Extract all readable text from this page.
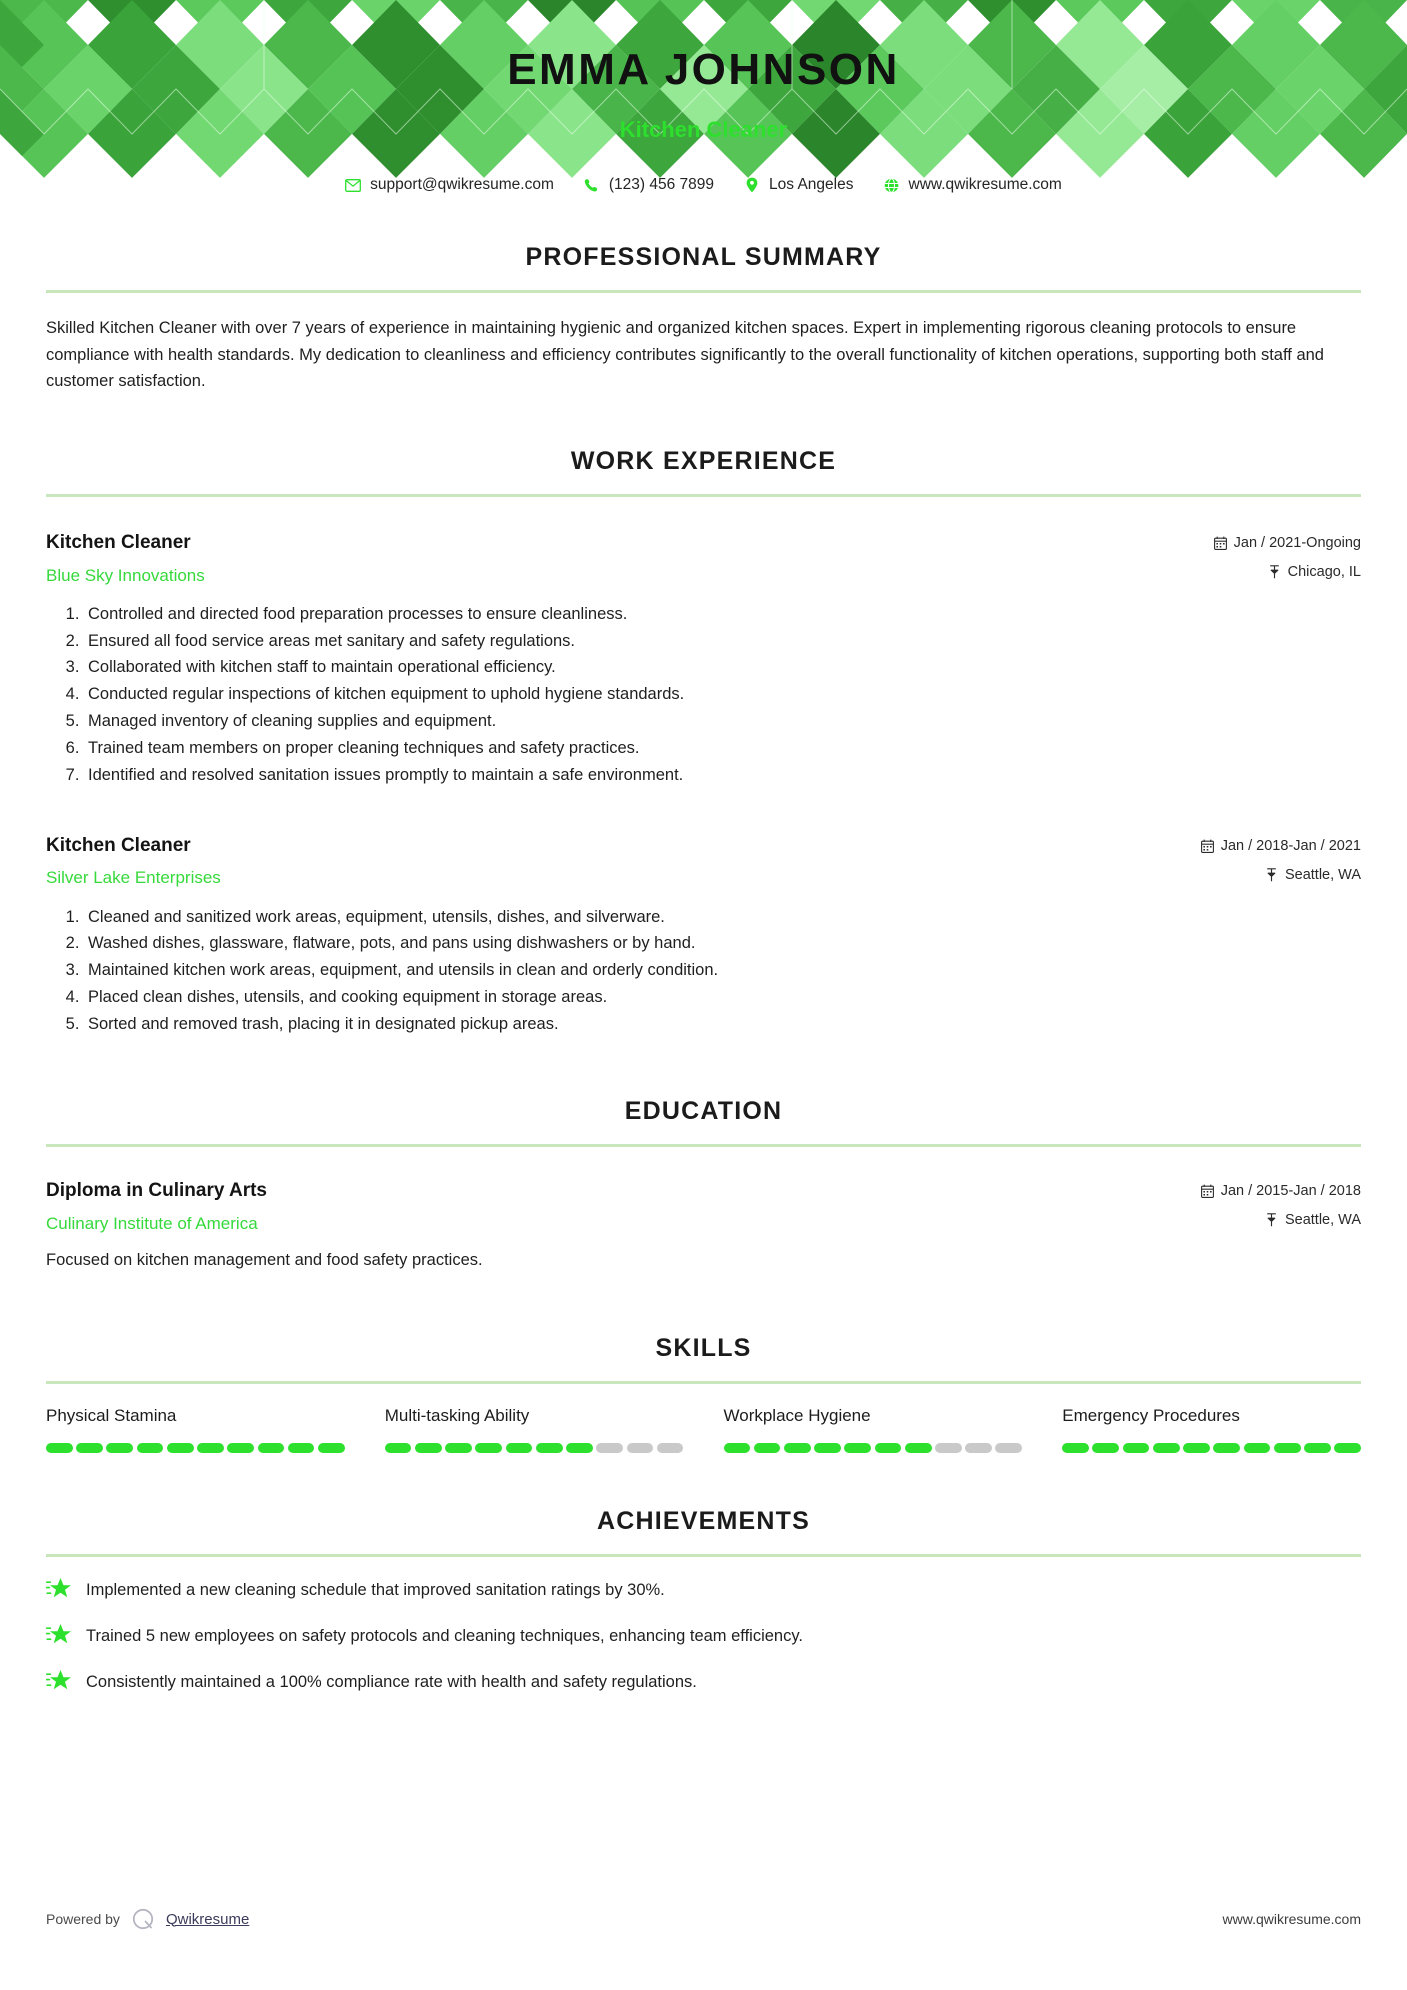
EMMA JOHNSON
Kitchen Cleaner
support@qwikresume.com	(123) 456 7899	Los Angeles	www.qwikresume.com
PROFESSIONAL SUMMARY
Skilled Kitchen Cleaner with over 7 years of experience in maintaining hygienic and organized kitchen spaces. Expert in implementing rigorous cleaning protocols to ensure compliance with health standards. My dedication to cleanliness and efficiency contributes significantly to the overall functionality of kitchen operations, supporting both staff and customer satisfaction.
WORK EXPERIENCE
Kitchen Cleaner
Blue Sky Innovations
Jan / 2021-Ongoing
Chicago, IL
1. Controlled and directed food preparation processes to ensure cleanliness.
2. Ensured all food service areas met sanitary and safety regulations.
3. Collaborated with kitchen staff to maintain operational efficiency.
4. Conducted regular inspections of kitchen equipment to uphold hygiene standards.
5. Managed inventory of cleaning supplies and equipment.
6. Trained team members on proper cleaning techniques and safety practices.
7. Identified and resolved sanitation issues promptly to maintain a safe environment.
Kitchen Cleaner
Silver Lake Enterprises
Jan / 2018-Jan / 2021
Seattle, WA
1. Cleaned and sanitized work areas, equipment, utensils, dishes, and silverware.
2. Washed dishes, glassware, flatware, pots, and pans using dishwashers or by hand.
3. Maintained kitchen work areas, equipment, and utensils in clean and orderly condition.
4. Placed clean dishes, utensils, and cooking equipment in storage areas.
5. Sorted and removed trash, placing it in designated pickup areas.
EDUCATION
Diploma in Culinary Arts
Culinary Institute of America
Jan / 2015-Jan / 2018
Seattle, WA
Focused on kitchen management and food safety practices.
SKILLS
Physical Stamina	Multi-tasking Ability	Workplace Hygiene	Emergency Procedures
ACHIEVEMENTS
Implemented a new cleaning schedule that improved sanitation ratings by 30%.
Trained 5 new employees on safety protocols and cleaning techniques, enhancing team efficiency.
Consistently maintained a 100% compliance rate with health and safety regulations.
Powered by	Qwikresume	www.qwikresume.com
